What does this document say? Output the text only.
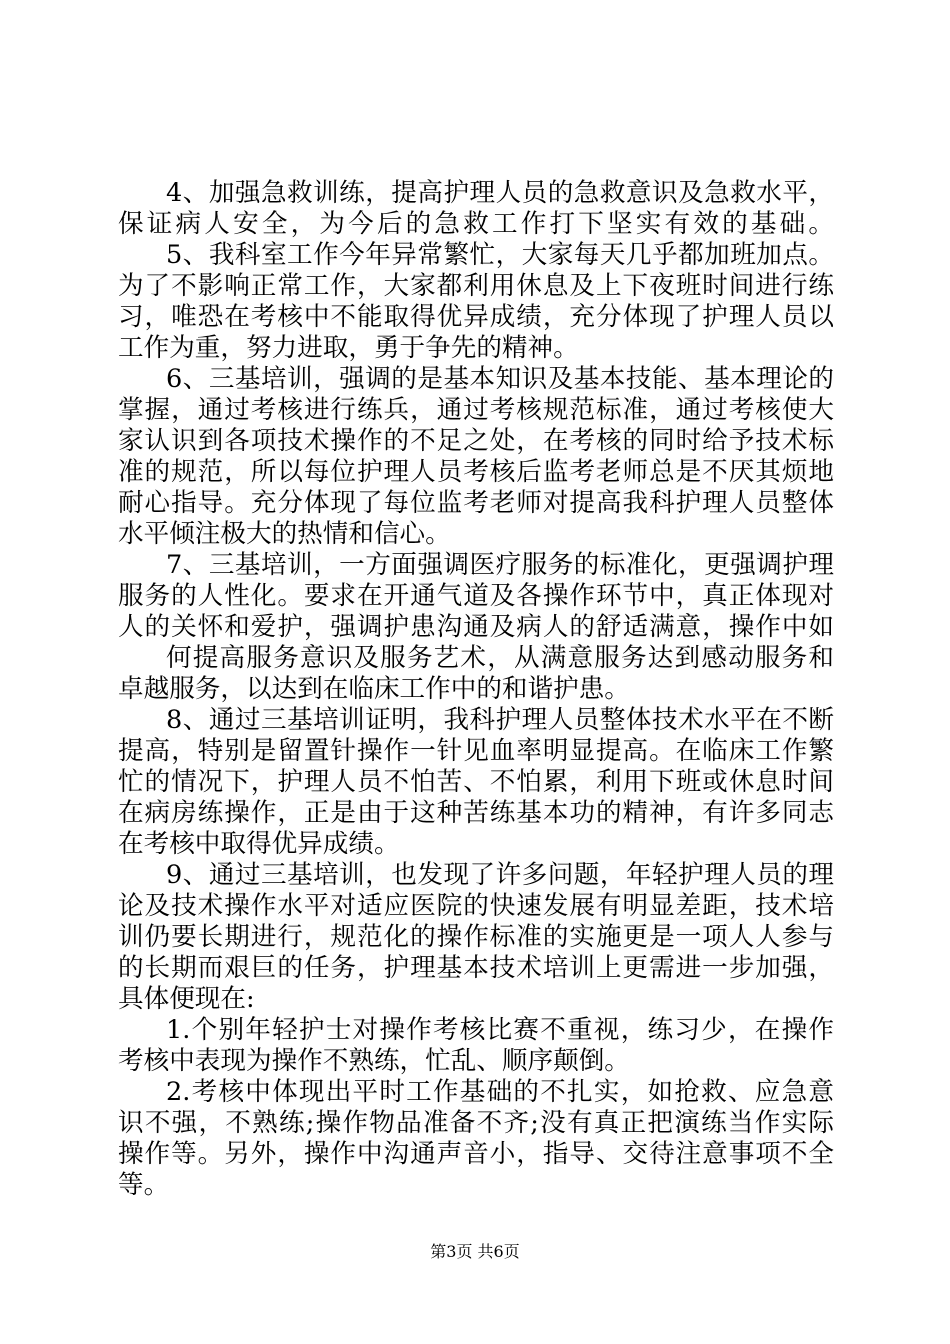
4、加强急救训练，提高护理人员的急救意识及急救水平，
保证病人安全，为今后的急救工作打下坚实有效的基础。
5、我科室工作今年异常繁忙，大家每天几乎都加班加点。
为了不影响正常工作，大家都利用休息及上下夜班时间进行练
习，唯恐在考核中不能取得优异成绩，充分体现了护理人员以
工作为重，努力进取，勇于争先的精神。
6、三基培训，强调的是基本知识及基本技能、基本理论的
掌握，通过考核进行练兵，通过考核规范标准，通过考核使大
家认识到各项技术操作的不足之处，在考核的同时给予技术标
准的规范，所以每位护理人员考核后监考老师总是不厌其烦地
耐心指导。充分体现了每位监考老师对提高我科护理人员整体
水平倾注极大的热情和信心。
7、三基培训，一方面强调医疗服务的标准化，更强调护理
服务的人性化。要求在开通气道及各操作环节中，真正体现对
人的关怀和爱护，强调护患沟通及病人的舒适满意，操作中如
何提高服务意识及服务艺术，从满意服务达到感动服务和
卓越服务，以达到在临床工作中的和谐护患。
8、通过三基培训证明，我科护理人员整体技术水平在不断
提高，特别是留置针操作一针见血率明显提高。在临床工作繁
忙的情况下，护理人员不怕苦、不怕累，利用下班或休息时间
在病房练操作，正是由于这种苦练基本功的精神，有许多同志
在考核中取得优异成绩。
9、通过三基培训，也发现了许多问题，年轻护理人员的理
论及技术操作水平对适应医院的快速发展有明显差距，技术培
训仍要长期进行，规范化的操作标准的实施更是一项人人参与
的长期而艰巨的任务，护理基本技术培训上更需进一步加强，
具体便现在:
1.个别年轻护士对操作考核比赛不重视，练习少，在操作
考核中表现为操作不熟练，忙乱、顺序颠倒。
2.考核中体现出平时工作基础的不扎实，如抢救、应急意
识不强，不熟练;操作物品准备不齐;没有真正把演练当作实际
操作等。另外，操作中沟通声音小，指导、交待注意事项不全
等。
第3页 共6页
